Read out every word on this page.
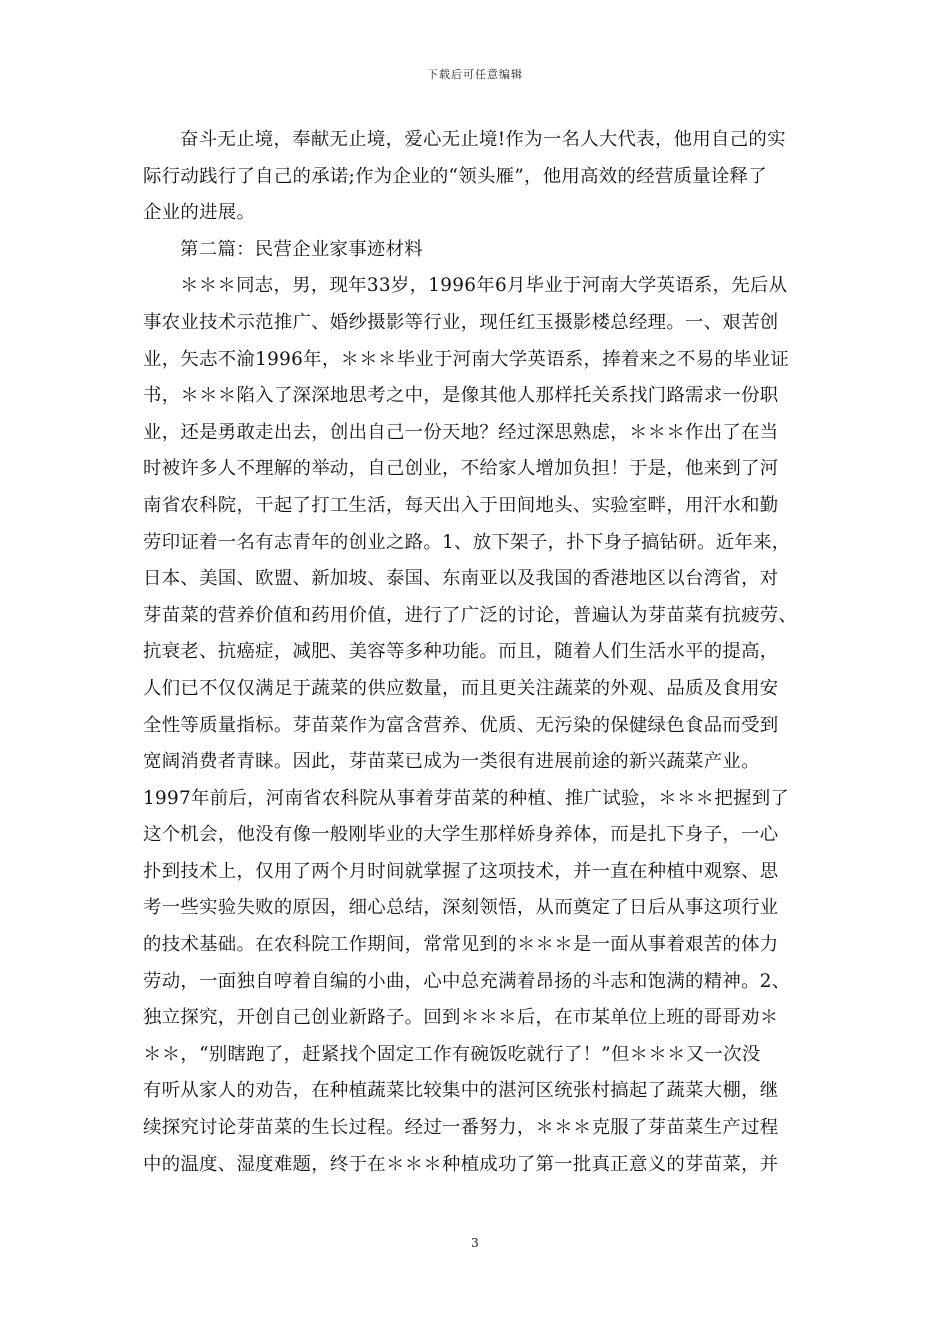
下载后可任意编辑
奋斗无止境，奉献无止境，爱心无止境!作为一名人大代表，他用自己的实
际行动践行了自己的承诺;作为企业的“领头雁”，他用高效的经营质量诠释了
企业的进展。
第二篇：民营企业家事迹材料
＊＊＊同志，男，现年33岁，1996年6月毕业于河南大学英语系，先后从
事农业技术示范推广、婚纱摄影等行业，现任红玉摄影楼总经理。一、艰苦创
业，矢志不渝1996年，＊＊＊毕业于河南大学英语系，捧着来之不易的毕业证
书，＊＊＊陷入了深深地思考之中，是像其他人那样托关系找门路需求一份职
业，还是勇敢走出去，创出自己一份天地？经过深思熟虑，＊＊＊作出了在当
时被许多人不理解的举动，自己创业，不给家人增加负担！于是，他来到了河
南省农科院，干起了打工生活，每天出入于田间地头、实验室畔，用汗水和勤
劳印证着一名有志青年的创业之路。1、放下架子，扑下身子搞钻研。近年来，
日本、美国、欧盟、新加坡、泰国、东南亚以及我国的香港地区以台湾省，对
芽苗菜的营养价值和药用价值，进行了广泛的讨论，普遍认为芽苗菜有抗疲劳、
抗衰老、抗癌症，减肥、美容等多种功能。而且，随着人们生活水平的提高，
人们已不仅仅满足于蔬菜的供应数量，而且更关注蔬菜的外观、品质及食用安
全性等质量指标。芽苗菜作为富含营养、优质、无污染的保健绿色食品而受到
宽阔消费者青睐。因此，芽苗菜已成为一类很有进展前途的新兴蔬菜产业。
1997年前后，河南省农科院从事着芽苗菜的种植、推广试验，＊＊＊把握到了
这个机会，他没有像一般刚毕业的大学生那样娇身养体，而是扎下身子，一心
扑到技术上，仅用了两个月时间就掌握了这项技术，并一直在种植中观察、思
考一些实验失败的原因，细心总结，深刻领悟，从而奠定了日后从事这项行业
的技术基础。在农科院工作期间，常常见到的＊＊＊是一面从事着艰苦的体力
劳动，一面独自哼着自编的小曲，心中总充满着昂扬的斗志和饱满的精神。2、
独立探究，开创自己创业新路子。回到＊＊＊后，在市某单位上班的哥哥劝＊
＊＊，“别瞎跑了，赶紧找个固定工作有碗饭吃就行了！”但＊＊＊又一次没
有听从家人的劝告，在种植蔬菜比较集中的湛河区统张村搞起了蔬菜大棚，继
续探究讨论芽苗菜的生长过程。经过一番努力，＊＊＊克服了芽苗菜生产过程
中的温度、湿度难题，终于在＊＊＊种植成功了第一批真正意义的芽苗菜，并
3
